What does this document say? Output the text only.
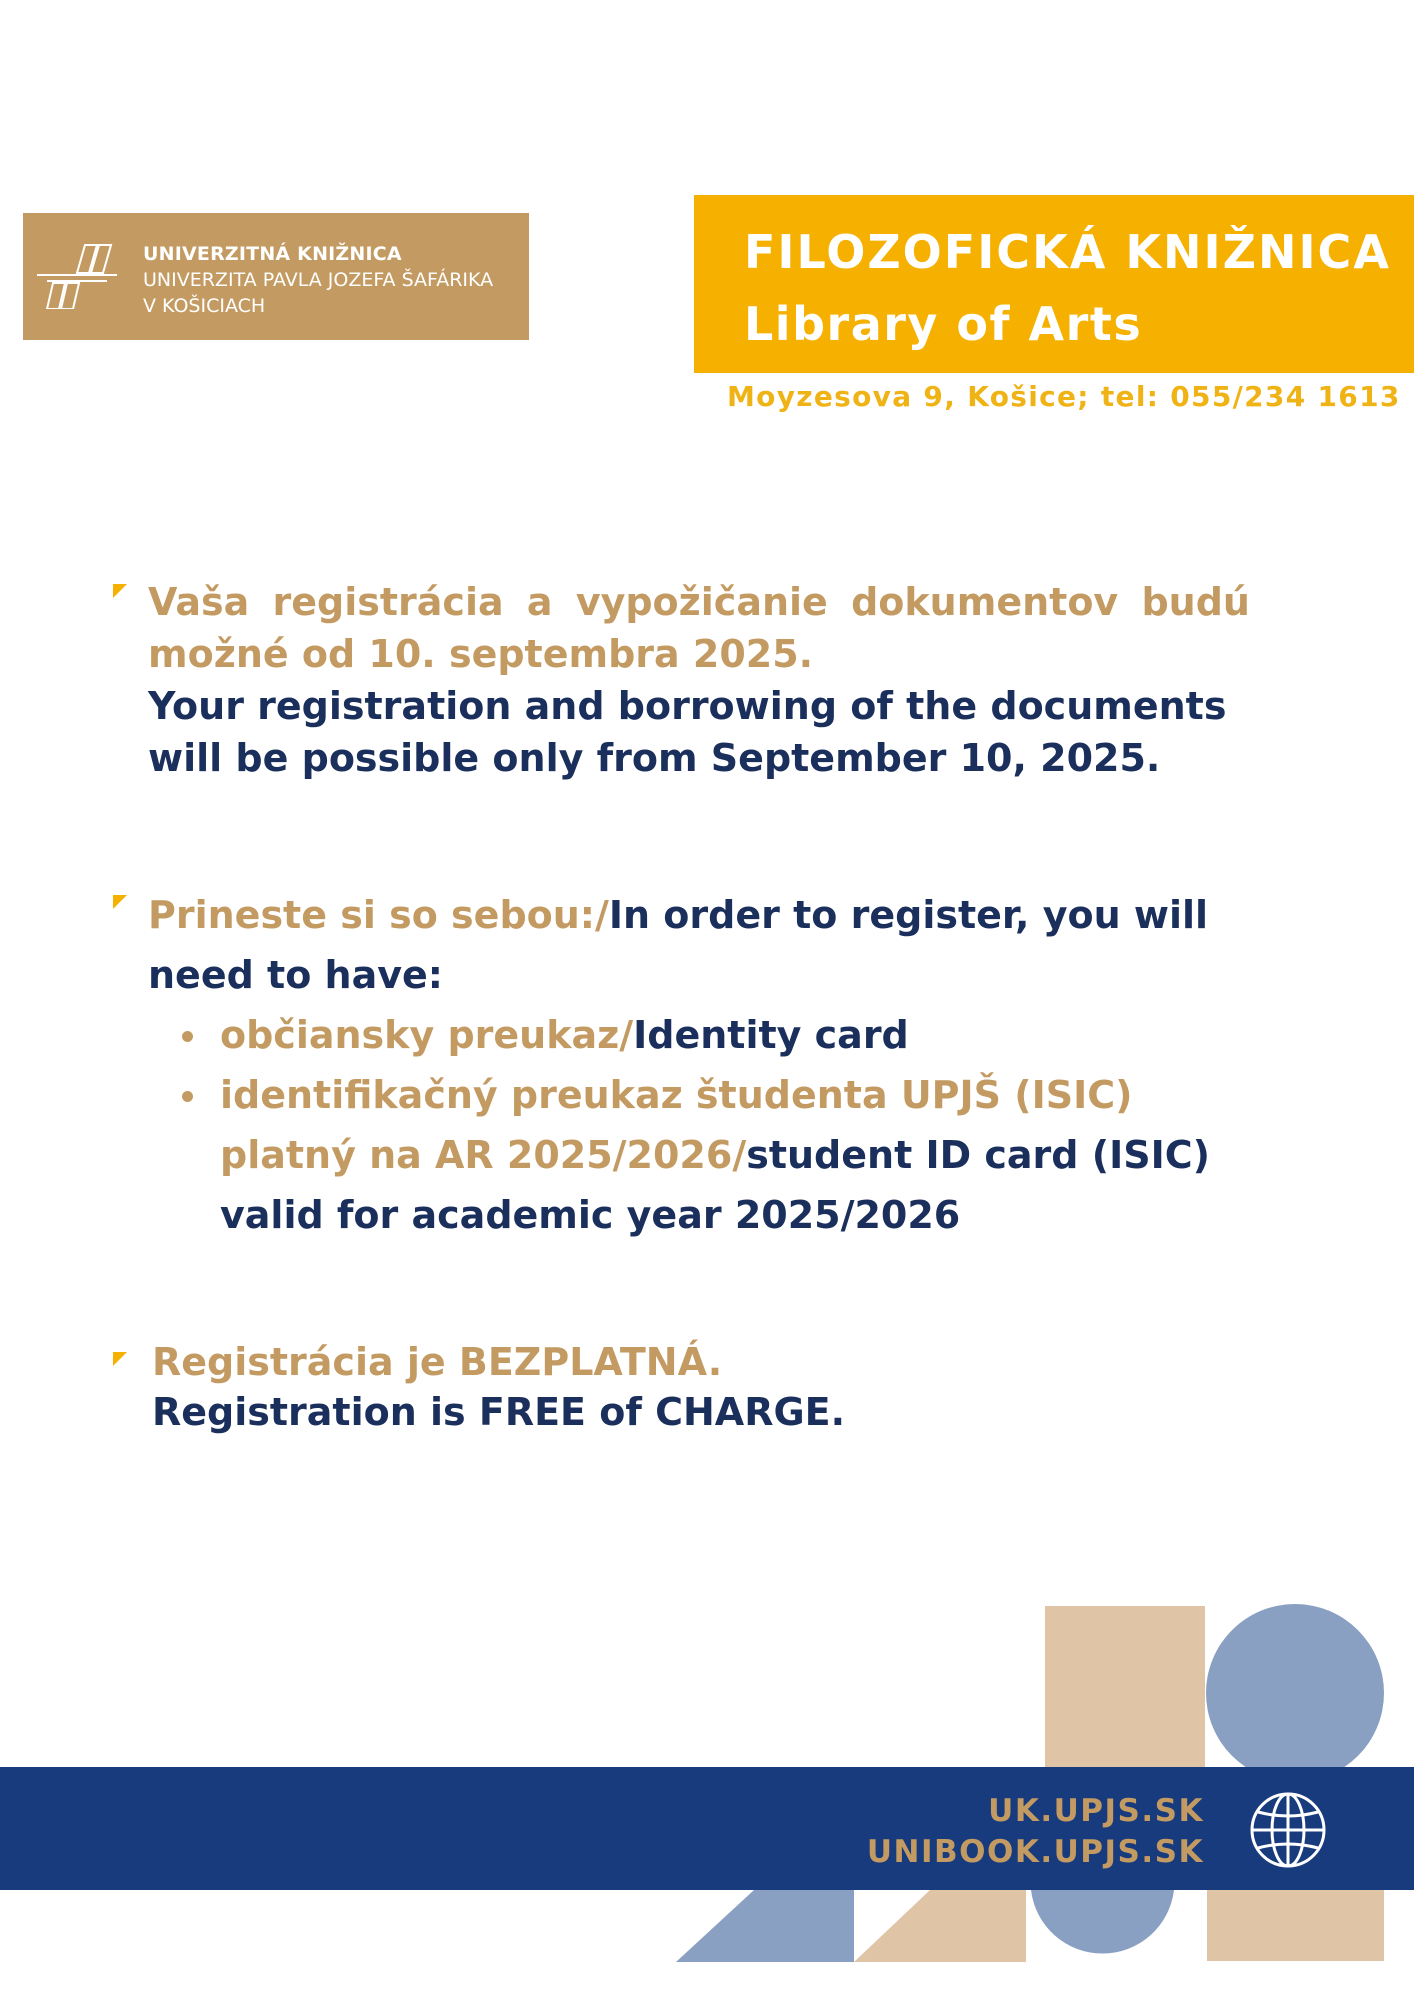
UNIVERZITNÁ KNIŽNICA
UNIVERZITA PAVLA JOZEFA ŠAFÁRIKA
V KOŠICIACH
FILOZOFICKÁ KNIŽNICA
Library of Arts
Moyzesova 9, Košice; tel: 055/234 1613
Vaša registrácia a vypožičanie dokumentov budú
možné od 10. septembra 2025.
Your registration and borrowing of the documents
will be possible only from September 10, 2025.
Prineste si so sebou:/In order to register, you will
need to have:
občiansky preukaz/Identity card
identifikačný preukaz študenta UPJŠ (ISIC)
platný na AR 2025/2026/student ID card (ISIC)
valid for academic year 2025/2026
Registrácia je BEZPLATNÁ.
Registration is FREE of CHARGE.
UK.UPJS.SK
UNIBOOK.UPJS.SK
